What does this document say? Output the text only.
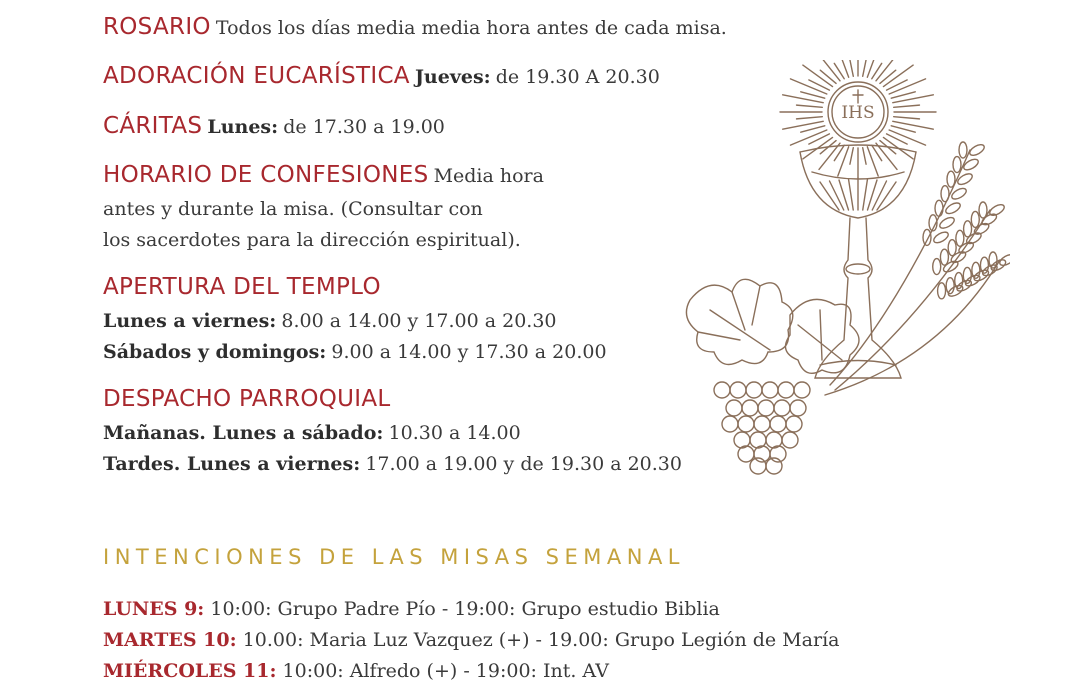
ROSARIO Todos los días media media hora antes de cada misa.
ADORACIÓN EUCARÍSTICA Jueves: de 19.30 A 20.30
CÁRITAS Lunes: de 17.30 a 19.00
HORARIO DE CONFESIONES Media hora
antes y durante la misa. (Consultar con
los sacerdotes para la dirección espiritual).
APERTURA DEL TEMPLO
Lunes a viernes: 8.00 a 14.00 y 17.00 a 20.30
Sábados y domingos: 9.00 a 14.00 y 17.30 a 20.00
DESPACHO PARROQUIAL
Mañanas. Lunes a sábado: 10.30 a 14.00
Tardes. Lunes a viernes: 17.00 a 19.00 y de 19.30 a 20.30
INTENCIONES DE LAS MISAS SEMANAL
LUNES 9: 10:00: Grupo Padre Pío - 19:00: Grupo estudio Biblia
MARTES 10: 10.00: Maria Luz Vazquez (+) - 19.00: Grupo Legión de María
MIÉRCOLES 11: 10:00: Alfredo (+) - 19:00: Int. AV
IHS
